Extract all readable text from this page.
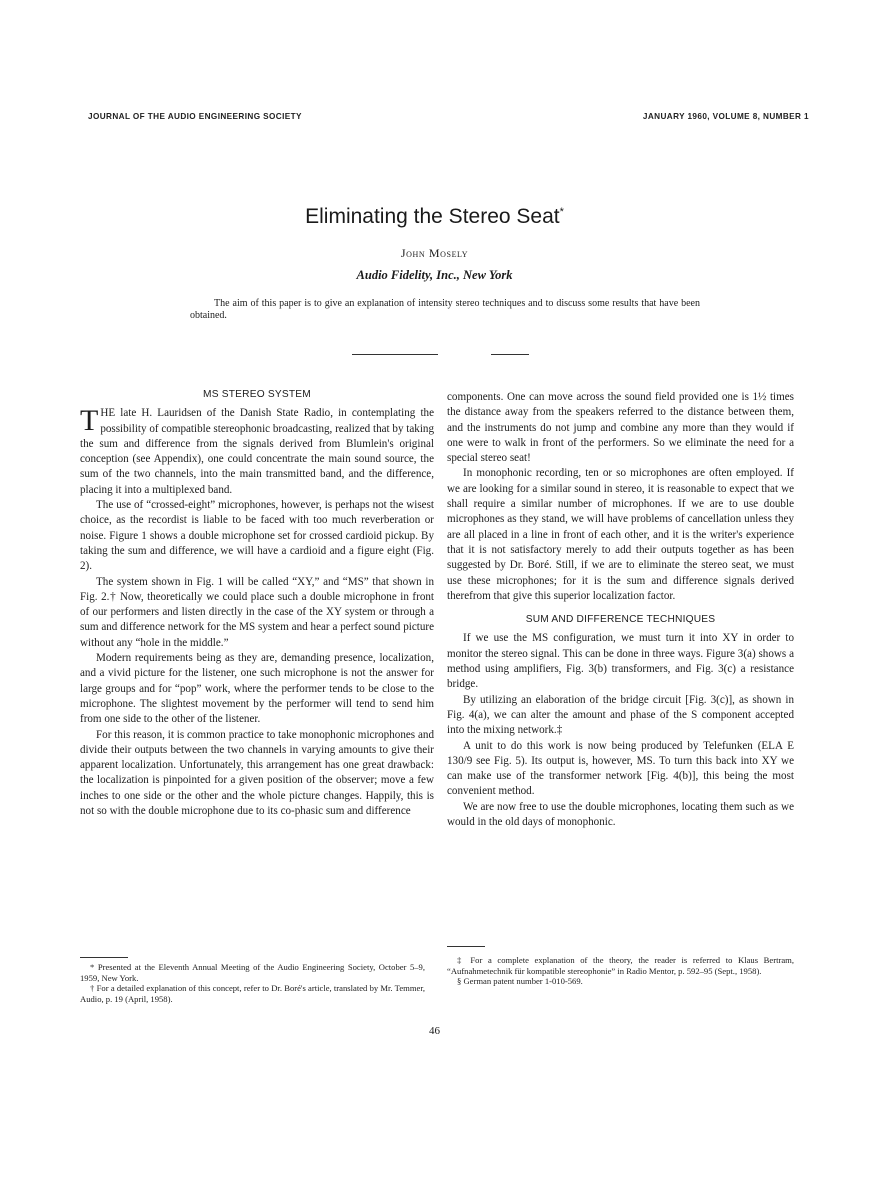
JOURNAL OF THE AUDIO ENGINEERING SOCIETY	JANUARY 1960, VOLUME 8, NUMBER 1
Eliminating the Stereo Seat*
John Mosely
Audio Fidelity, Inc., New York
The aim of this paper is to give an explanation of intensity stereo techniques and to discuss some results that have been obtained.
MS STEREO SYSTEM

THE late H. Lauridsen of the Danish State Radio, in contemplating the possibility of compatible stereophonic broadcasting, realized that by taking the sum and difference from the signals derived from Blumlein's original conception (see Appendix), one could concentrate the main sound source, the sum of the two channels, into the main transmitted band, and the difference, placing it into a multiplexed band.

The use of “crossed-eight” microphones, however, is perhaps not the wisest choice, as the recordist is liable to be faced with too much reverberation or noise. Figure 1 shows a double microphone set for crossed cardioid pickup. By taking the sum and difference, we will have a cardioid and a figure eight (Fig. 2).

The system shown in Fig. 1 will be called “XY,” and “MS” that shown in Fig. 2.† Now, theoretically we could place such a double microphone in front of our performers and listen directly in the case of the XY system or through a sum and difference network for the MS system and hear a perfect sound picture without any “hole in the middle.”

Modern requirements being as they are, demanding presence, localization, and a vivid picture for the listener, one such microphone is not the answer for large groups and for “pop” work, where the performer tends to be close to the microphone. The slightest movement by the performer will tend to send him from one side to the other of the listener.

For this reason, it is common practice to take monophonic microphones and divide their outputs between the two channels in varying amounts to give their apparent localization. Unfortunately, this arrangement has one great drawback: the localization is pinpointed for a given position of the observer; move a few inches to one side or the other and the whole picture changes. Happily, this is not so with the double microphone due to its co-phasic sum and difference

components. One can move across the sound field provided one is 1½ times the distance away from the speakers referred to the distance between them, and the instruments do not jump and combine any more than they would if one were to walk in front of the performers. So we eliminate the need for a special stereo seat!

In monophonic recording, ten or so microphones are often employed. If we are looking for a similar sound in stereo, it is reasonable to expect that we shall require a similar number of microphones. If we are to use double microphones as they stand, we will have problems of cancellation unless they are all placed in a line in front of each other, and it is the writer's experience that it is not satisfactory merely to add their outputs together as has been suggested by Dr. Boré. Still, if we are to eliminate the stereo seat, we must use these microphones; for it is the sum and difference signals derived therefrom that give this superior localization factor.

SUM AND DIFFERENCE TECHNIQUES

If we use the MS configuration, we must turn it into XY in order to monitor the stereo signal. This can be done in three ways. Figure 3(a) shows a method using amplifiers, Fig. 3(b) transformers, and Fig. 3(c) a resistance bridge.

By utilizing an elaboration of the bridge circuit [Fig. 3(c)], as shown in Fig. 4(a), we can alter the amount and phase of the S component accepted into the mixing network.‡

A unit to do this work is now being produced by Telefunken (ELA E 130/9 see Fig. 5). Its output is, however, MS. To turn this back into XY we can make use of the transformer network [Fig. 4(b)], this being the most convenient method.

We are now free to use the double microphones, locating them such as we would in the old days of monophonic.

* Presented at the Eleventh Annual Meeting of the Audio Engineering Society, October 5–9, 1959, New York.

† For a detailed explanation of this concept, refer to Dr. Boré's article, translated by Mr. Temmer, Audio, p. 19 (April, 1958).

‡ For a complete explanation of the theory, the reader is referred to Klaus Bertram, “Aufnahmetechnik für kompatible stereophonie” in Radio Mentor, p. 592–95 (Sept., 1958).

§ German patent number 1-010-569.

46
